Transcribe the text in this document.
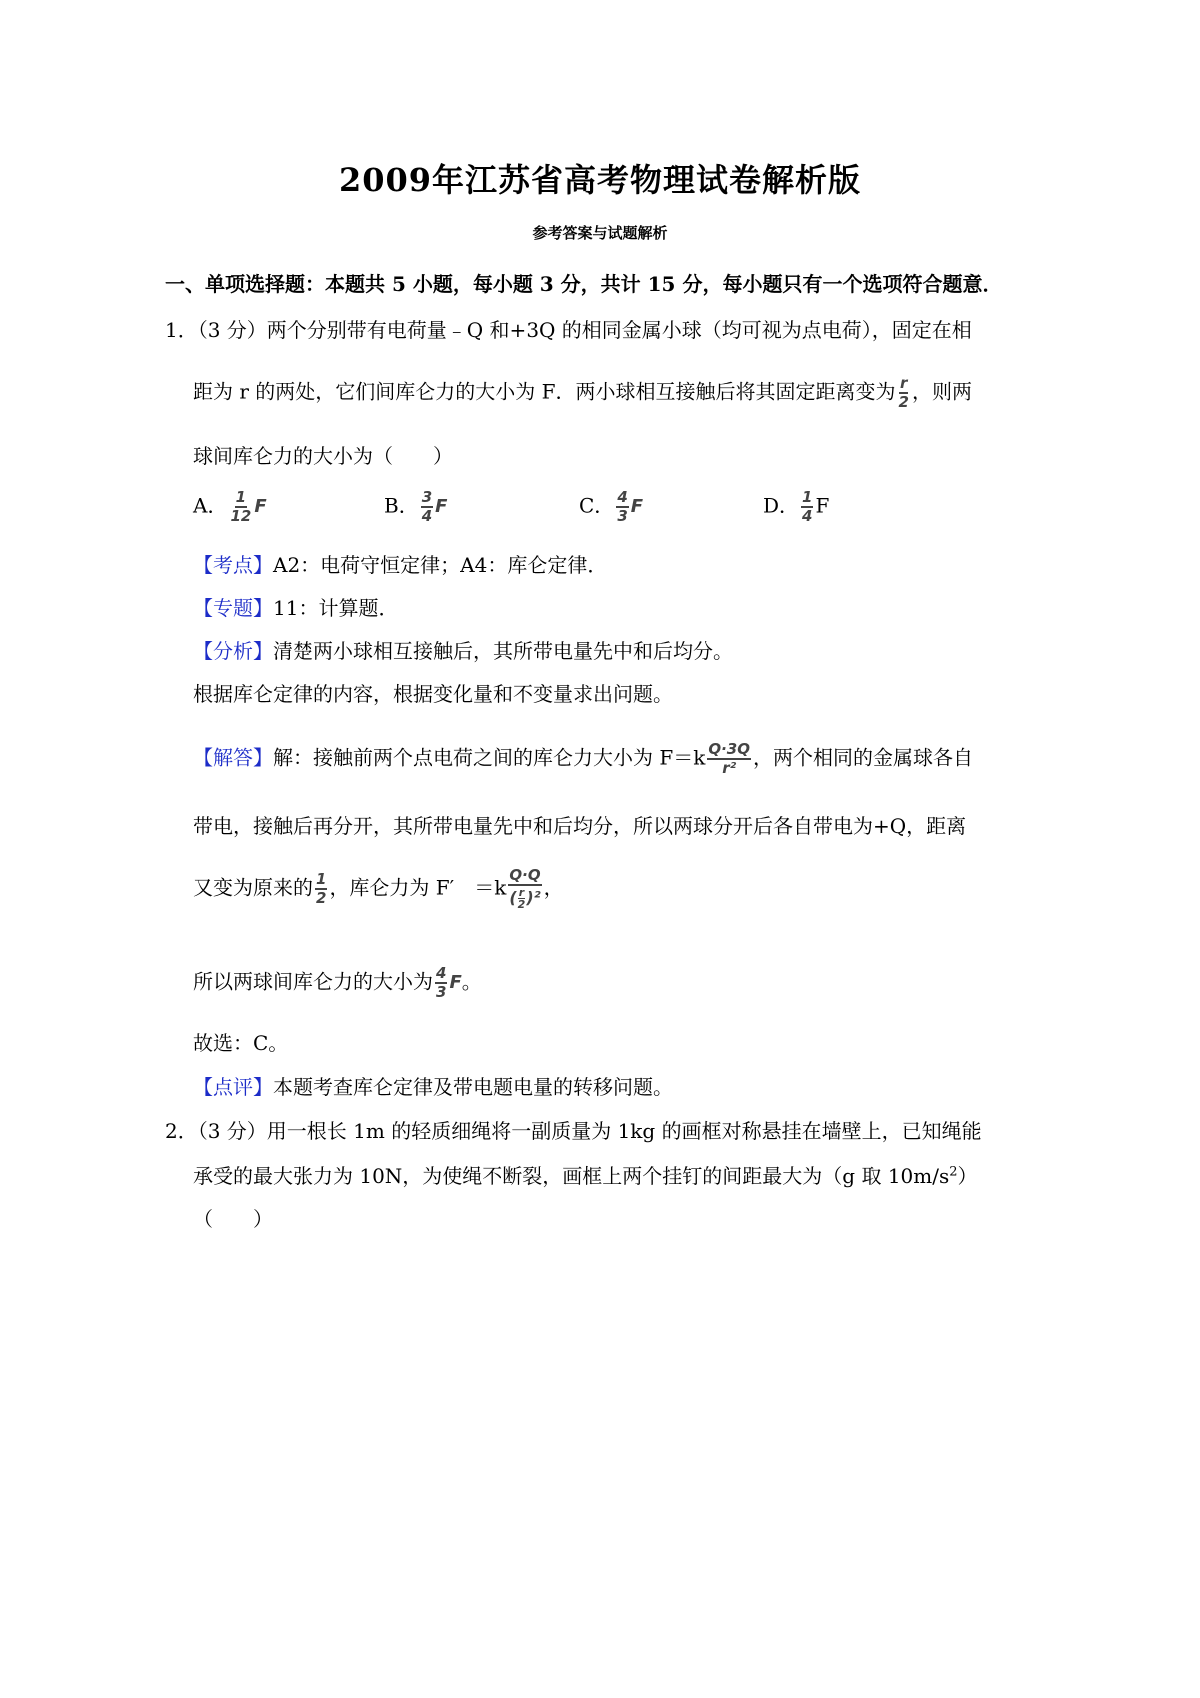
2009年江苏省高考物理试卷解析版
参考答案与试题解析
一、单项选择题：本题共 5 小题，每小题 3 分，共计 15 分，每小题只有一个选项符合题意．
1．（3 分）两个分别带有电荷量﹣Q 和+3Q 的相同金属小球（均可视为点电荷），固定在相
距为 r 的两处，它们间库仑力的大小为 F．两小球相互接触后将其固定距离变为 $\frac{r}{2}$ ，则两
球间库仑力的大小为（　　）
A． $\frac{1}{12}$ F	B． $\frac{3}{4}$ F	C． $\frac{4}{3}$ F	D． $\frac{1}{4}$ F
【考点】A2：电荷守恒定律；A4：库仑定律．
【专题】11：计算题．
【分析】清楚两小球相互接触后，其所带电量先中和后均分。
根据库仑定律的内容，根据变化量和不变量求出问题。
【解答】解：接触前两个点电荷之间的库仑力大小为 $F=k \frac{Q\cdot 3Q}{\text{r²}}$ ，两个相同的金属球各自
带电，接触后再分开，其所带电量先中和后均分，所以两球分开后各自带电为+Q，距离
又变为原来的 $\frac{1}{2}$ ，库仑力为 F′　$=k \frac{Q\cdot Q}{( \frac{r}{2} )^2}$ ，
所以两球间库仑力的大小为 $\frac{4}{3}$ F。
故选：C。
【点评】本题考查库仑定律及带电题电量的转移问题。
2．（3 分）用一根长 1m 的轻质细绳将一副质量为 1kg 的画框对称悬挂在墙壁上，已知绳能
承受的最大张力为 10N，为使绳不断裂，画框上两个挂钉的间距最大为（g 取 $10m/s^2$）
（　　）
